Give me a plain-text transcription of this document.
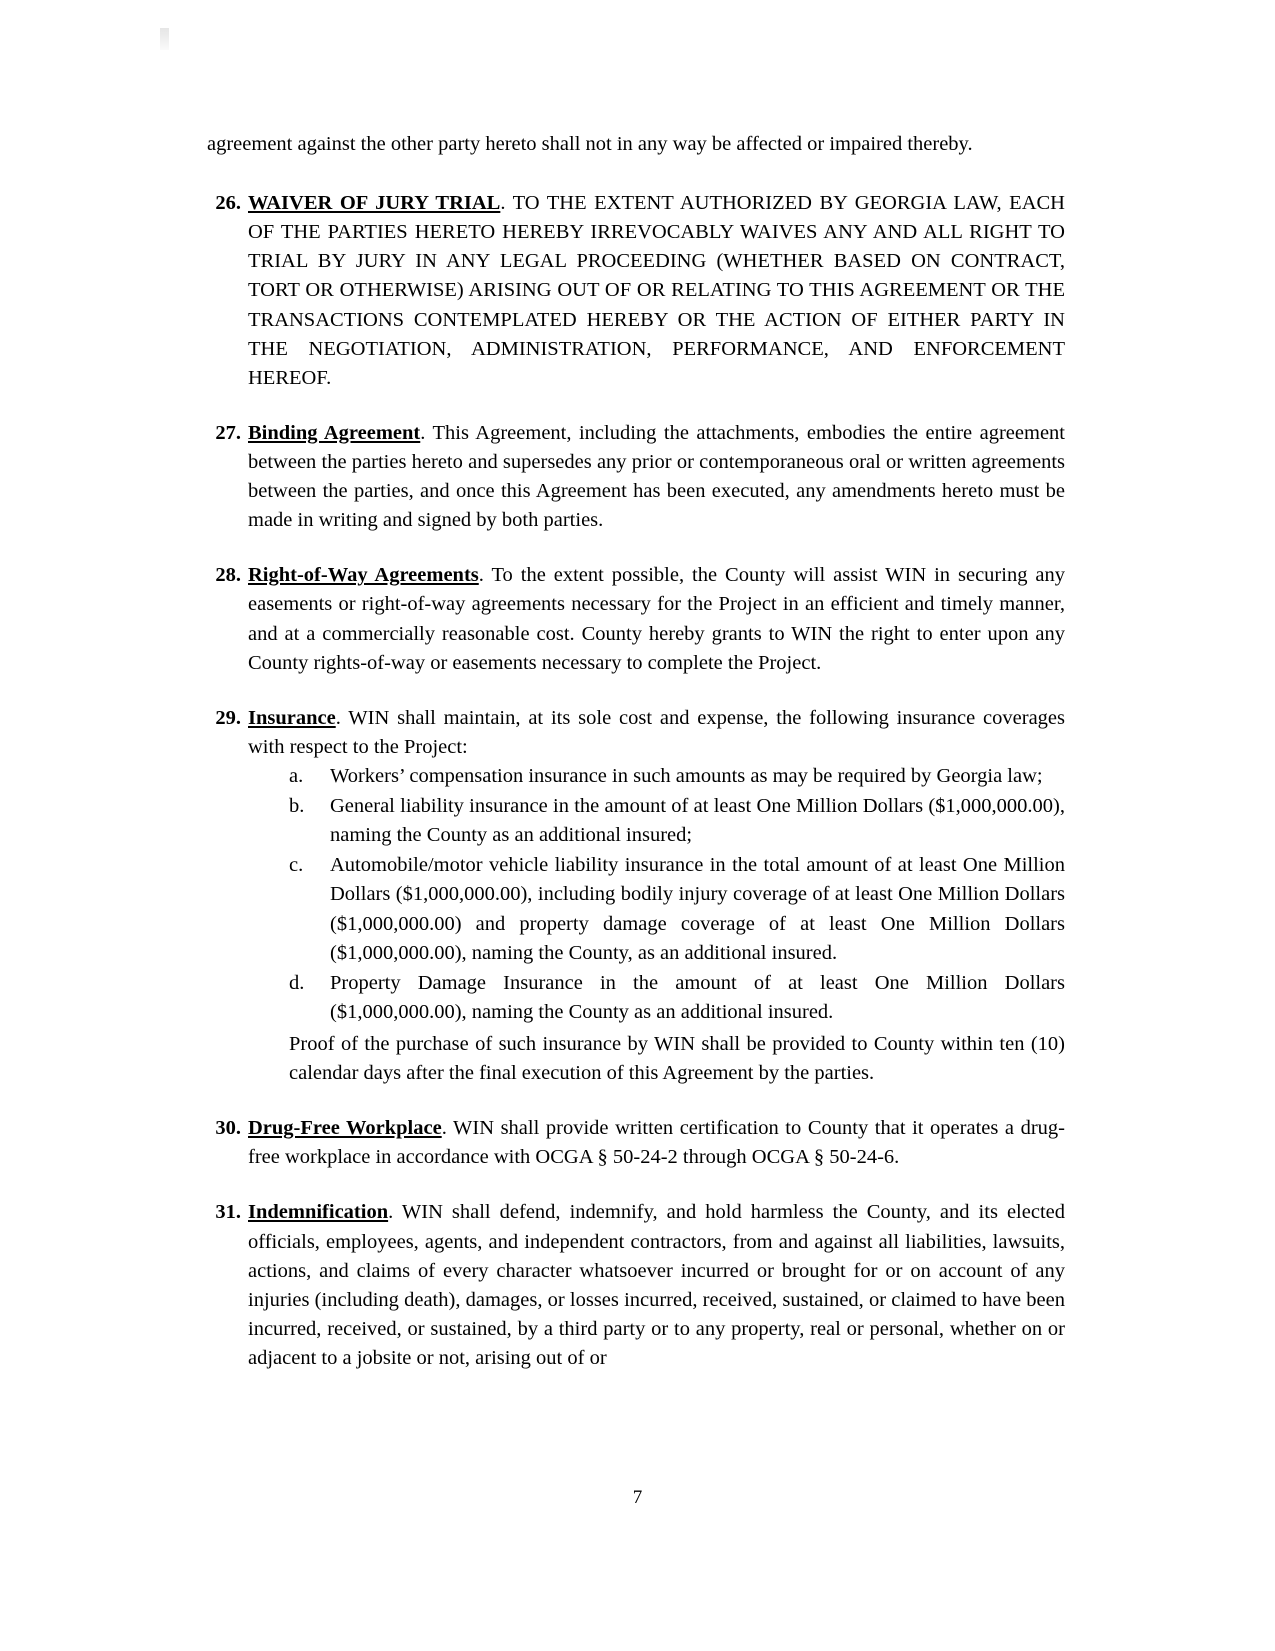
agreement against the other party hereto shall not in any way be affected or impaired thereby.

26. WAIVER OF JURY TRIAL. TO THE EXTENT AUTHORIZED BY GEORGIA LAW, EACH OF THE PARTIES HERETO HEREBY IRREVOCABLY WAIVES ANY AND ALL RIGHT TO TRIAL BY JURY IN ANY LEGAL PROCEEDING (WHETHER BASED ON CONTRACT, TORT OR OTHERWISE) ARISING OUT OF OR RELATING TO THIS AGREEMENT OR THE TRANSACTIONS CONTEMPLATED HEREBY OR THE ACTION OF EITHER PARTY IN THE NEGOTIATION, ADMINISTRATION, PERFORMANCE, AND ENFORCEMENT HEREOF.
27. Binding Agreement. This Agreement, including the attachments, embodies the entire agreement between the parties hereto and supersedes any prior or contemporaneous oral or written agreements between the parties, and once this Agreement has been executed, any amendments hereto must be made in writing and signed by both parties.
28. Right-of-Way Agreements. To the extent possible, the County will assist WIN in securing any easements or right-of-way agreements necessary for the Project in an efficient and timely manner, and at a commercially reasonable cost. County hereby grants to WIN the right to enter upon any County rights-of-way or easements necessary to complete the Project.
29. Insurance. WIN shall maintain, at its sole cost and expense, the following insurance coverages with respect to the Project:
a.	Workers’ compensation insurance in such amounts as may be required by Georgia law;
b.	General liability insurance in the amount of at least One Million Dollars ($1,000,000.00), naming the County as an additional insured;
c.	Automobile/motor vehicle liability insurance in the total amount of at least One Million Dollars ($1,000,000.00), including bodily injury coverage of at least One Million Dollars ($1,000,000.00) and property damage coverage of at least One Million Dollars ($1,000,000.00), naming the County, as an additional insured.
d.	Property Damage Insurance in the amount of at least One Million Dollars ($1,000,000.00), naming the County as an additional insured.
Proof of the purchase of such insurance by WIN shall be provided to County within ten (10) calendar days after the final execution of this Agreement by the parties.
30. Drug-Free Workplace. WIN shall provide written certification to County that it operates a drug-free workplace in accordance with OCGA § 50-24-2 through OCGA § 50-24-6.
31. Indemnification. WIN shall defend, indemnify, and hold harmless the County, and its elected officials, employees, agents, and independent contractors, from and against all liabilities, lawsuits, actions, and claims of every character whatsoever incurred or brought for or on account of any injuries (including death), damages, or losses incurred, received, sustained, or claimed to have been incurred, received, or sustained, by a third party or to any property, real or personal, whether on or adjacent to a jobsite or not, arising out of or
7
